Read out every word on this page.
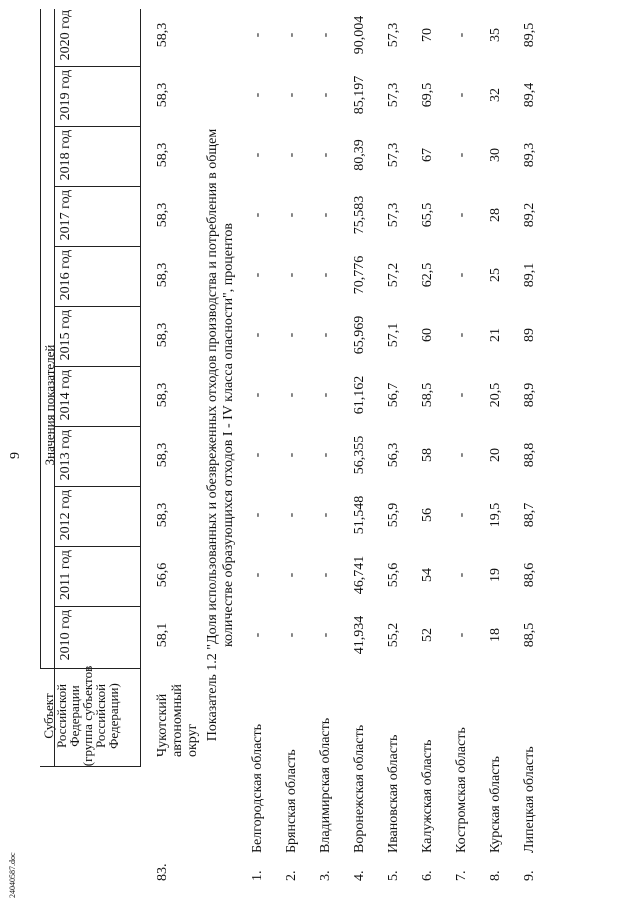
9
Субъект Российской Федерации (группа субъектов Российской Федерации)
Значения показателей
2010 год
2011 год
2012 год
2013 год
2014 год
2015 год
2016 год
2017 год
2018 год
2019 год
2020 год
83.
Чукотский автономный округ
58,1
56,6
58,3
58,3
58,3
58,3
58,3
58,3
58,3
58,3
58,3
Показатель 1.2 "Доля использованных и обезвреженных отходов производства и потребления в общем количестве образующихся отходов I - IV класса опасности", процентов
1.
Белгородская область
-
-
-
-
-
-
-
-
-
-
-
2.
Брянская область
-
-
-
-
-
-
-
-
-
-
-
3.
Владимирская область
-
-
-
-
-
-
-
-
-
-
-
4.
Воронежская область
41,934
46,741
51,548
56,355
61,162
65,969
70,776
75,583
80,39
85,197
90,004
5.
Ивановская область
55,2
55,6
55,9
56,3
56,7
57,1
57,2
57,3
57,3
57,3
57,3
6.
Калужская область
52
54
56
58
58,5
60
62,5
65,5
67
69,5
70
7.
Костромская область
-
-
-
-
-
-
-
-
-
-
-
8.
Курская область
18
19
19,5
20
20,5
21
25
28
30
32
35
9.
Липецкая область
88,5
88,6
88,7
88,8
88,9
89
89,1
89,2
89,3
89,4
89,5
24040587.doc
